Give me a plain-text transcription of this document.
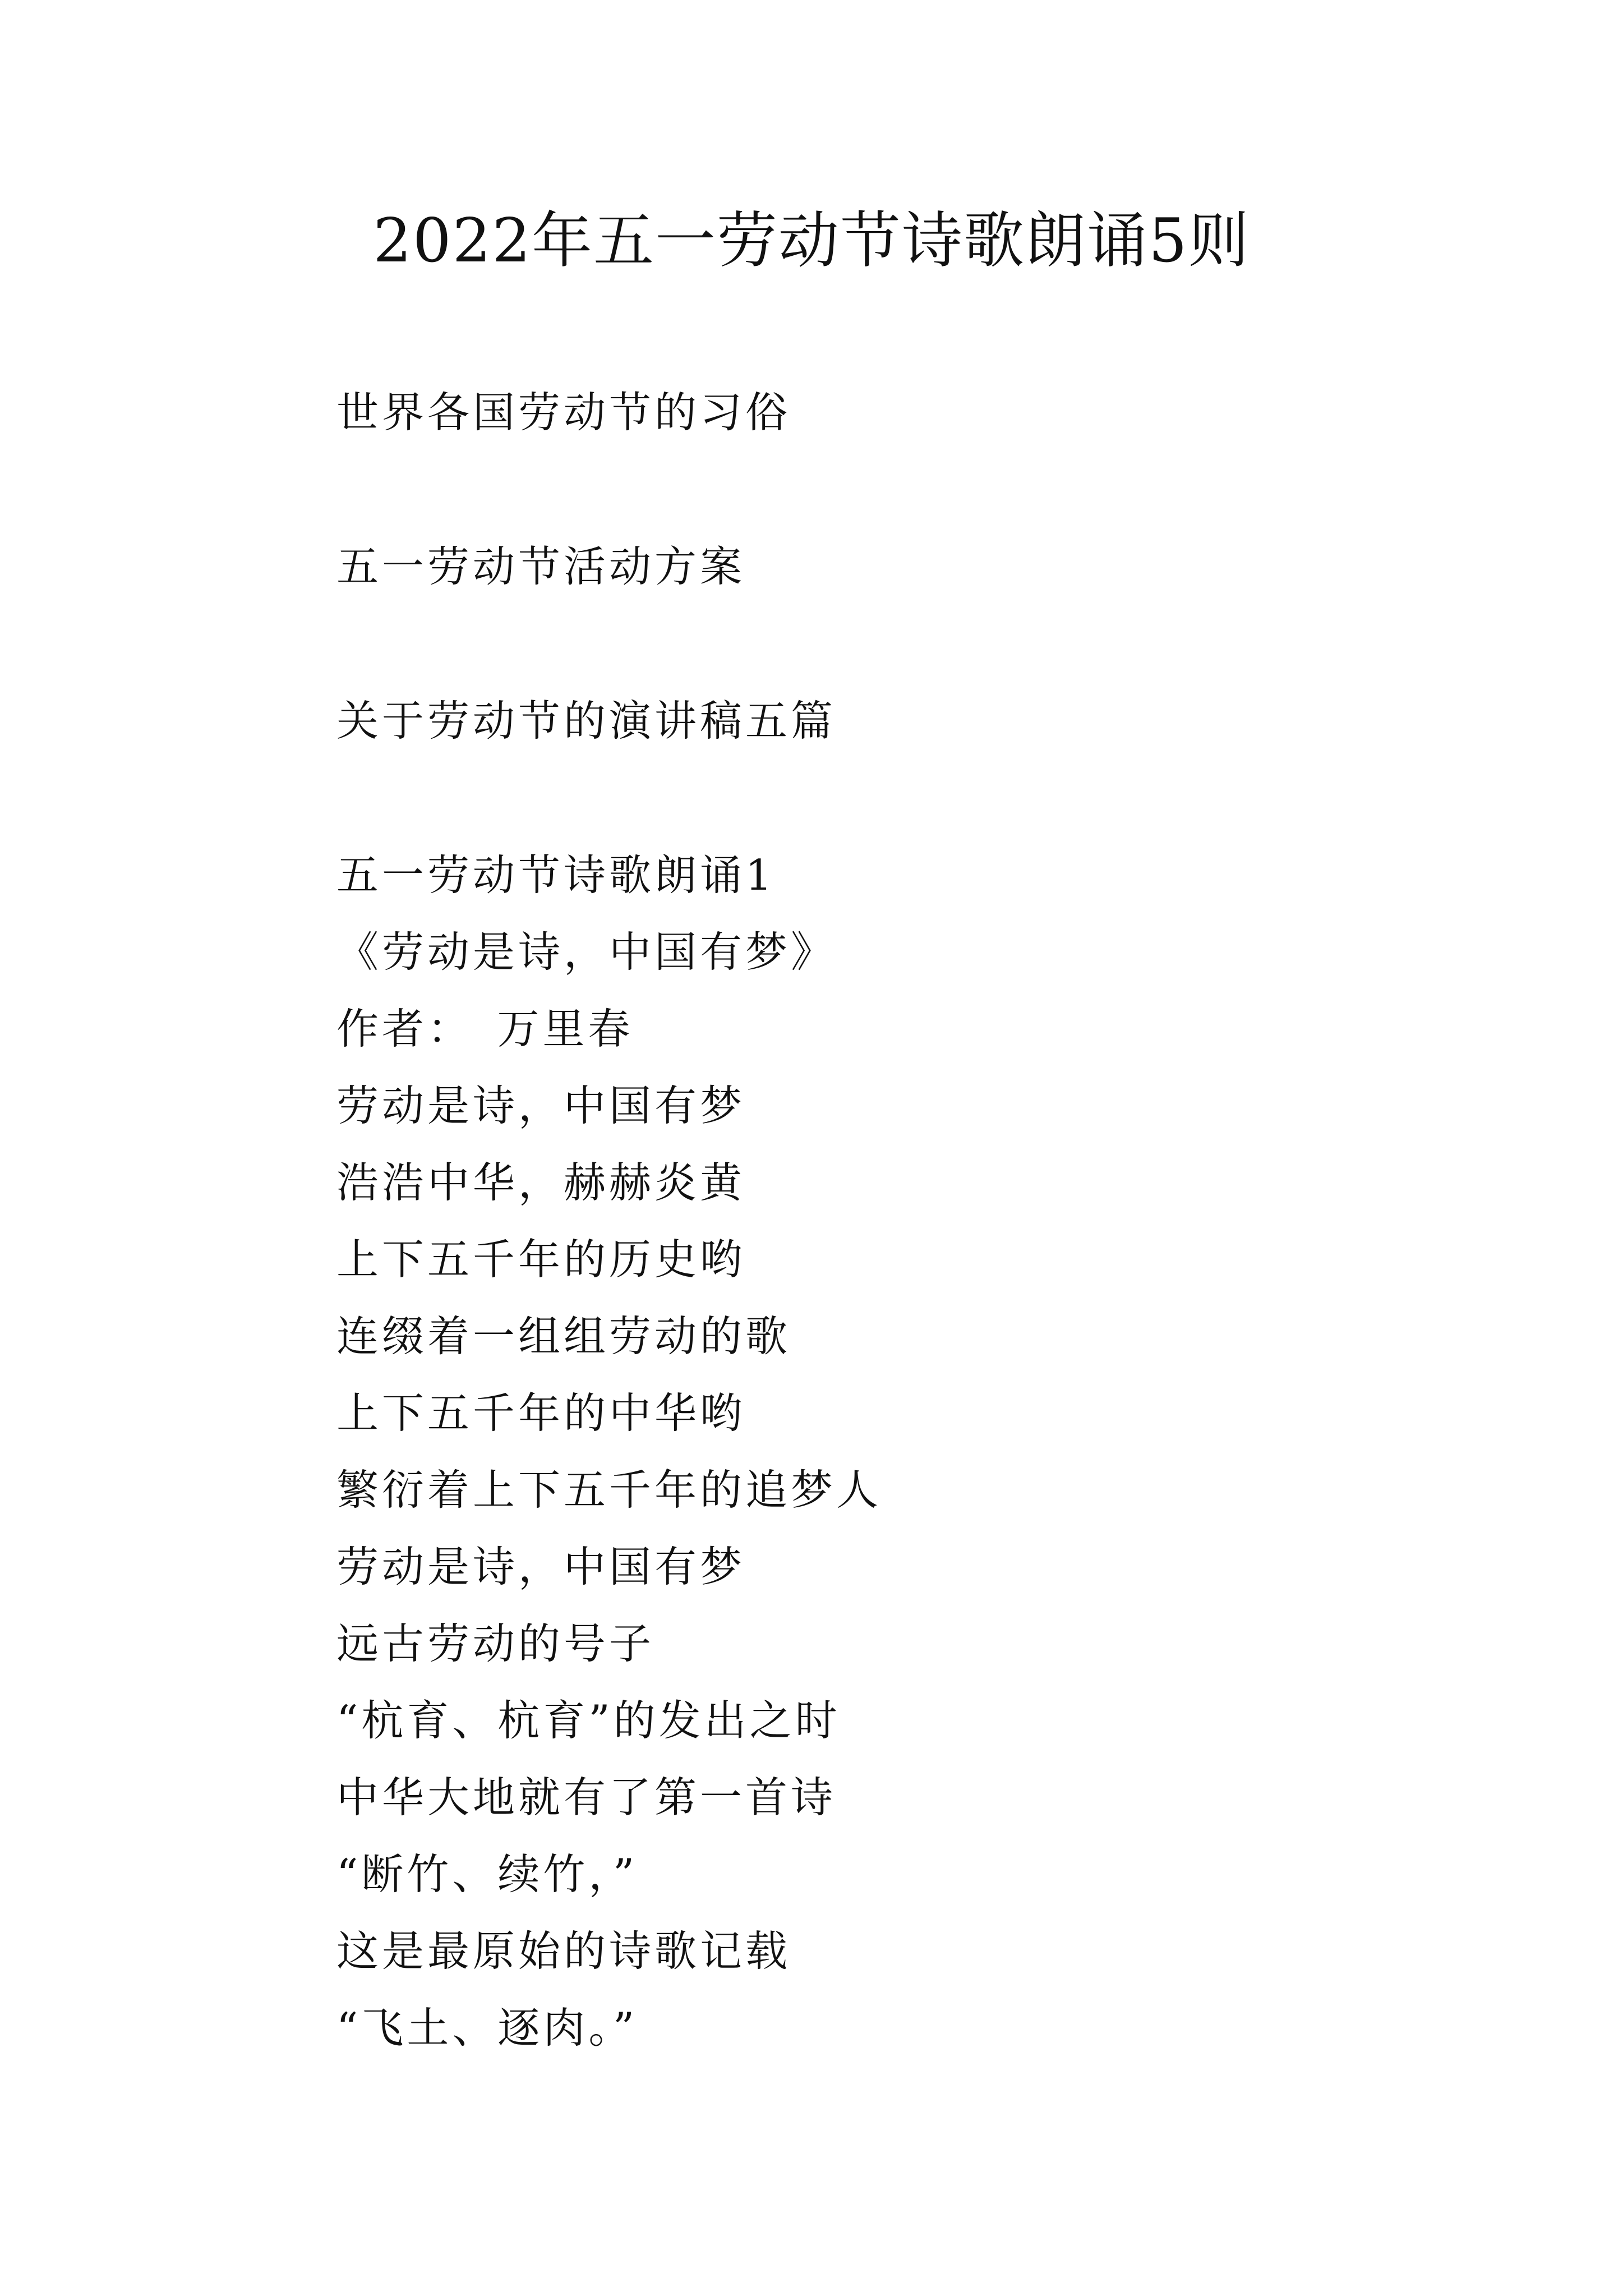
2022年五一劳动节诗歌朗诵5则
世界各国劳动节的习俗
五一劳动节活动方案
关于劳动节的演讲稿五篇
五一劳动节诗歌朗诵1
《劳动是诗，中国有梦》
作者：　万里春
劳动是诗，中国有梦
浩浩中华，赫赫炎黄
上下五千年的历史哟
连缀着一组组劳动的歌
上下五千年的中华哟
繁衍着上下五千年的追梦人
劳动是诗，中国有梦
远古劳动的号子
“杭育、杭育”的发出之时
中华大地就有了第一首诗
“断竹、续竹，”
这是最原始的诗歌记载
“飞土、逐肉。”
